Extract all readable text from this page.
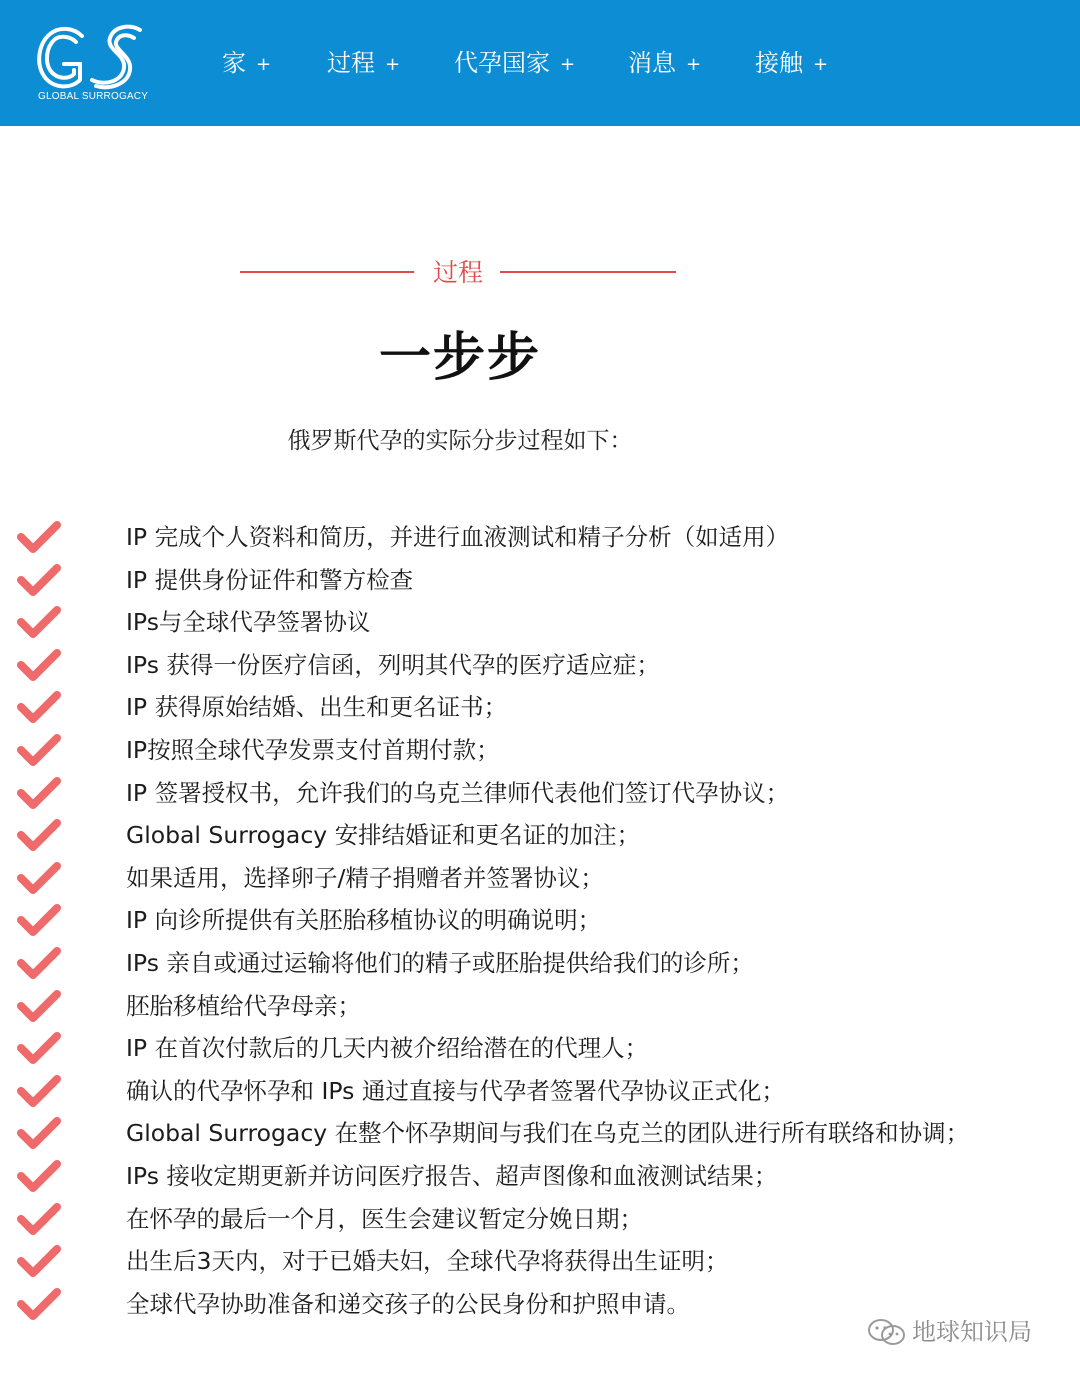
GLOBAL SURROGACY
家 + 过程 + 代孕国家 + 消息 + 接触 +
过程
一步步

俄罗斯代孕的实际分步过程如下：

IP 完成个人资料和简历，并进行血液测试和精子分析（如适用）
IP 提供身份证件和警方检查
IPs与全球代孕签署协议
IPs 获得一份医疗信函，列明其代孕的医疗适应症；
IP 获得原始结婚、出生和更名证书；
IP按照全球代孕发票支付首期付款；
IP 签署授权书，允许我们的乌克兰律师代表他们签订代孕协议；
Global Surrogacy 安排结婚证和更名证的加注；
如果适用，选择卵子/精子捐赠者并签署协议；
IP 向诊所提供有关胚胎移植协议的明确说明；
IPs 亲自或通过运输将他们的精子或胚胎提供给我们的诊所；
胚胎移植给代孕母亲；
IP 在首次付款后的几天内被介绍给潜在的代理人；
确认的代孕怀孕和 IPs 通过直接与代孕者签署代孕协议正式化；
Global Surrogacy 在整个怀孕期间与我们在乌克兰的团队进行所有联络和协调；
IPs 接收定期更新并访问医疗报告、超声图像和血液测试结果；
在怀孕的最后一个月，医生会建议暂定分娩日期；
出生后3天内，对于已婚夫妇，全球代孕将获得出生证明；
全球代孕协助准备和递交孩子的公民身份和护照申请。
地球知识局
